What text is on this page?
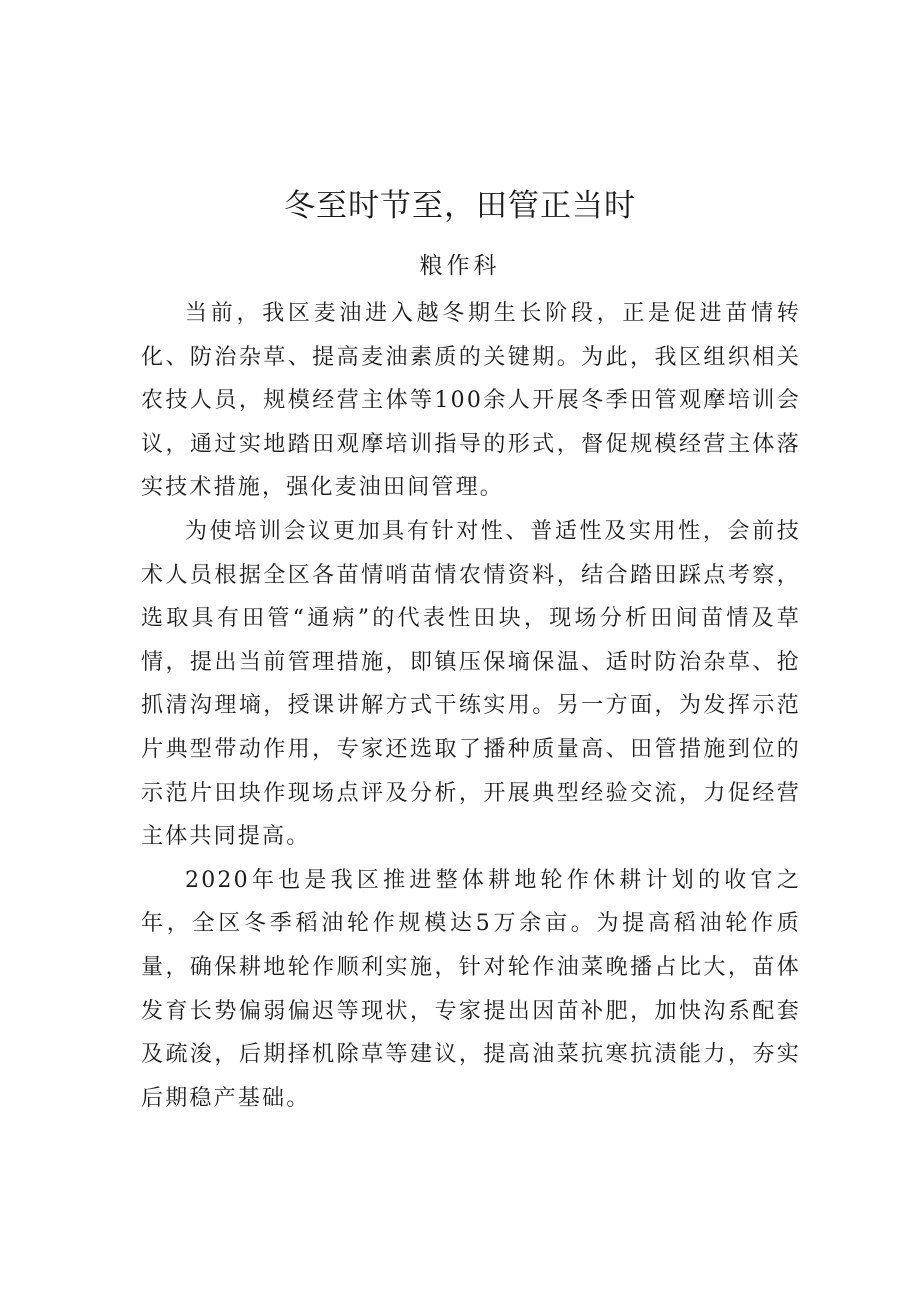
冬至时节至，田管正当时
粮作科

当前，我区麦油进入越冬期生长阶段，正是促进苗情转化、防治杂草、提高麦油素质的关键期。为此，我区组织相关农技人员，规模经营主体等100余人开展冬季田管观摩培训会议，通过实地踏田观摩培训指导的形式，督促规模经营主体落实技术措施，强化麦油田间管理。

为使培训会议更加具有针对性、普适性及实用性，会前技术人员根据全区各苗情哨苗情农情资料，结合踏田踩点考察，选取具有田管“通病”的代表性田块，现场分析田间苗情及草情，提出当前管理措施，即镇压保墒保温、适时防治杂草、抢抓清沟理墒，授课讲解方式干练实用。另一方面，为发挥示范片典型带动作用，专家还选取了播种质量高、田管措施到位的示范片田块作现场点评及分析，开展典型经验交流，力促经营主体共同提高。

2020年也是我区推进整体耕地轮作休耕计划的收官之年，全区冬季稻油轮作规模达5万余亩。为提高稻油轮作质量，确保耕地轮作顺利实施，针对轮作油菜晚播占比大，苗体发育长势偏弱偏迟等现状，专家提出因苗补肥，加快沟系配套及疏浚，后期择机除草等建议，提高油菜抗寒抗渍能力，夯实后期稳产基础。
